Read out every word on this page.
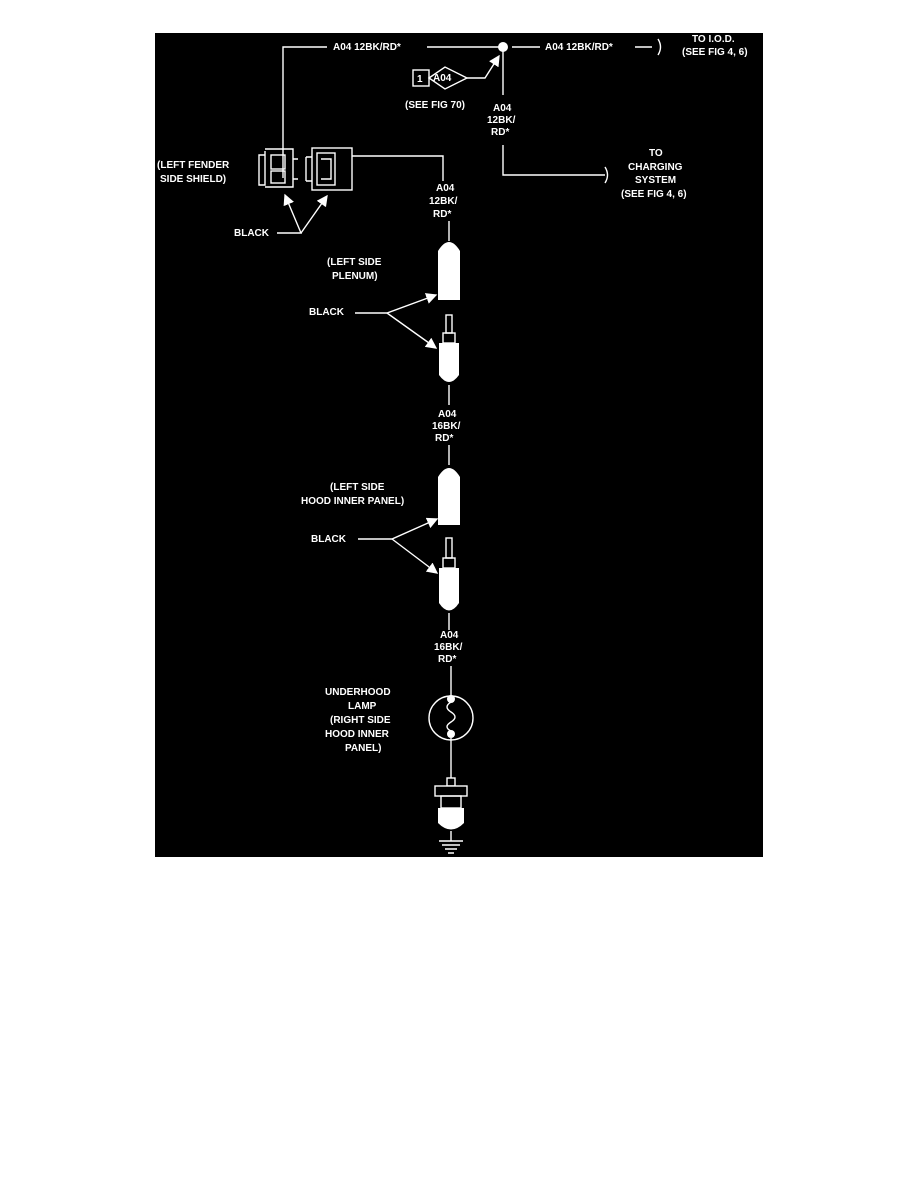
A04 12BK/RD*	A04 12BK/RD*
TO I.O.D.
(SEE FIG 4, 6)
1 A04
(SEE FIG 70)	A04
12BK/
RD*
TO
CHARGING
SYSTEM
(SEE FIG 4, 6)
(LEFT FENDER
SIDE SHIELD)
BLACK
A04
12BK/
RD*
(LEFT SIDE
PLENUM)
BLACK
A04
16BK/
RD*
(LEFT SIDE
HOOD INNER PANEL)
BLACK
A04
16BK/
RD*
UNDERHOOD
LAMP
(RIGHT SIDE
HOOD INNER
PANEL)
